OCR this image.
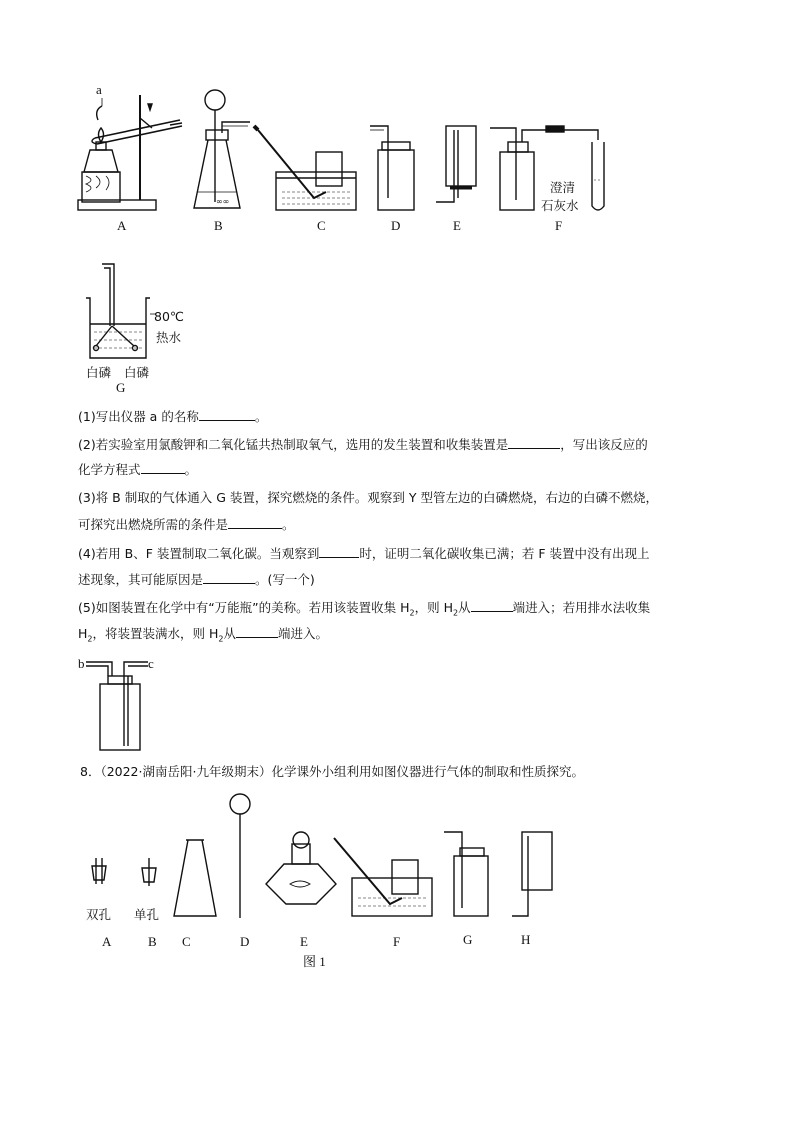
∞∞
a
澄清
石灰水
A	B	C	D	E	F
80℃
热水
白磷 白磷
G
(1)写出仪器 a 的名称	。
(2)若实验室用氯酸钾和二氧化锰共热制取氧气，选用的发生装置和收集装置是	，写出该反应的
化学方程式	。
(3)将 B 制取的气体通入 G 装置，探究燃烧的条件。观察到 Y 型管左边的白磷燃烧，右边的白磷不燃烧，
可探究出燃烧所需的条件是	。
(4)若用 B、F 装置制取二氧化碳。当观察到	时，证明二氧化碳收集已满；若 F 装置中没有出现上
述现象，其可能原因是	。(写一个)
(5)如图装置在化学中有“万能瓶”的美称。若用该装置收集 $H_2$，则 $H_2$从	端进入；若用排水法收集
$H_2$，将装置装满水，则 $H_2$从	端进入。
b	c
8．（2022·湖南岳阳·九年级期末）化学课外小组利用如图仪器进行气体的制取和性质探究。
双孔 单孔
A	B C	D	E	F	G	H
图 1
